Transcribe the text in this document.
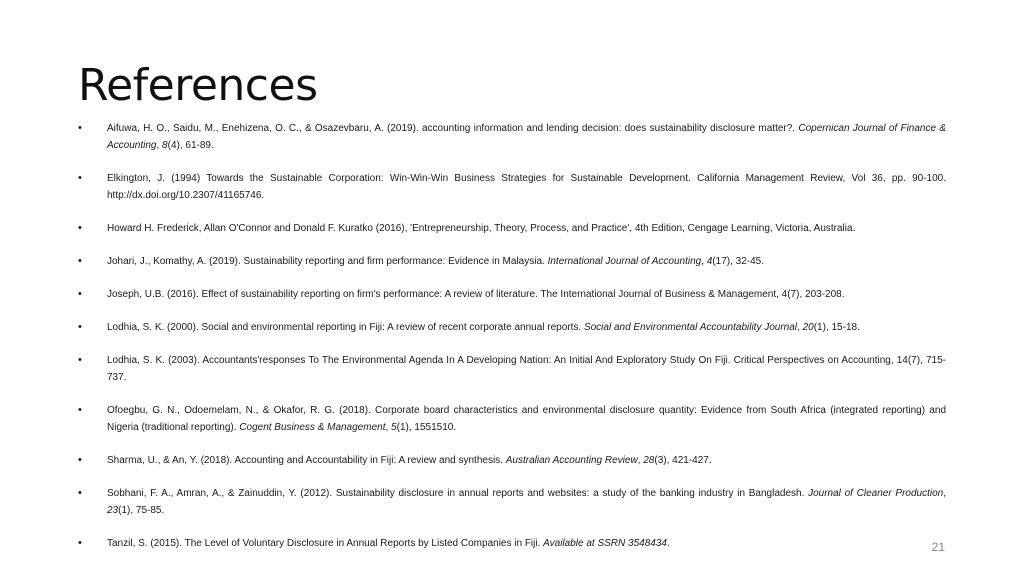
References
•	Aifuwa, H. O., Saidu, M., Enehizena, O. C., & Osazevbaru, A. (2019). accounting information and lending decision: does sustainability disclosure matter?. Copernican Journal of Finance & Accounting, 8(4), 61-89.
•	Elkington, J. (1994) Towards the Sustainable Corporation: Win-Win-Win Business Strategies for Sustainable Development. California Management Review, Vol 36, pp. 90-100. http://dx.doi.org/10.2307/41165746.
•	Howard H. Frederick, Allan O'Connor and Donald F. Kuratko (2016), 'Entrepreneurship, Theory, Process, and Practice', 4th Edition, Cengage Learning, Victoria, Australia.
•	Johari, J., Komathy, A. (2019). Sustainability reporting and firm performance: Evidence in Malaysia. International Journal of Accounting, 4(17), 32-45.
•	Joseph, U.B. (2016). Effect of sustainability reporting on firm's performance: A review of literature. The International Journal of Business & Management, 4(7), 203-208.
•	Lodhia, S. K. (2000). Social and environmental reporting in Fiji: A review of recent corporate annual reports. Social and Environmental Accountability Journal, 20(1), 15-18.
•	Lodhia, S. K. (2003). Accountants'responses To The Environmental Agenda In A Developing Nation: An Initial And Exploratory Study On Fiji. Critical Perspectives on Accounting, 14(7), 715-737.
•	Ofoegbu, G. N., Odoemelam, N., & Okafor, R. G. (2018). Corporate board characteristics and environmental disclosure quantity: Evidence from South Africa (integrated reporting) and Nigeria (traditional reporting). Cogent Business & Management, 5(1), 1551510.
•	Sharma, U., & An, Y. (2018). Accounting and Accountability in Fiji: A review and synthesis. Australian Accounting Review, 28(3), 421-427.
•	Sobhani, F. A., Amran, A., & Zainuddin, Y. (2012). Sustainability disclosure in annual reports and websites: a study of the banking industry in Bangladesh. Journal of Cleaner Production, 23(1), 75-85.
•	Tanzil, S. (2015). The Level of Voluntary Disclosure in Annual Reports by Listed Companies in Fiji. Available at SSRN 3548434.	21
